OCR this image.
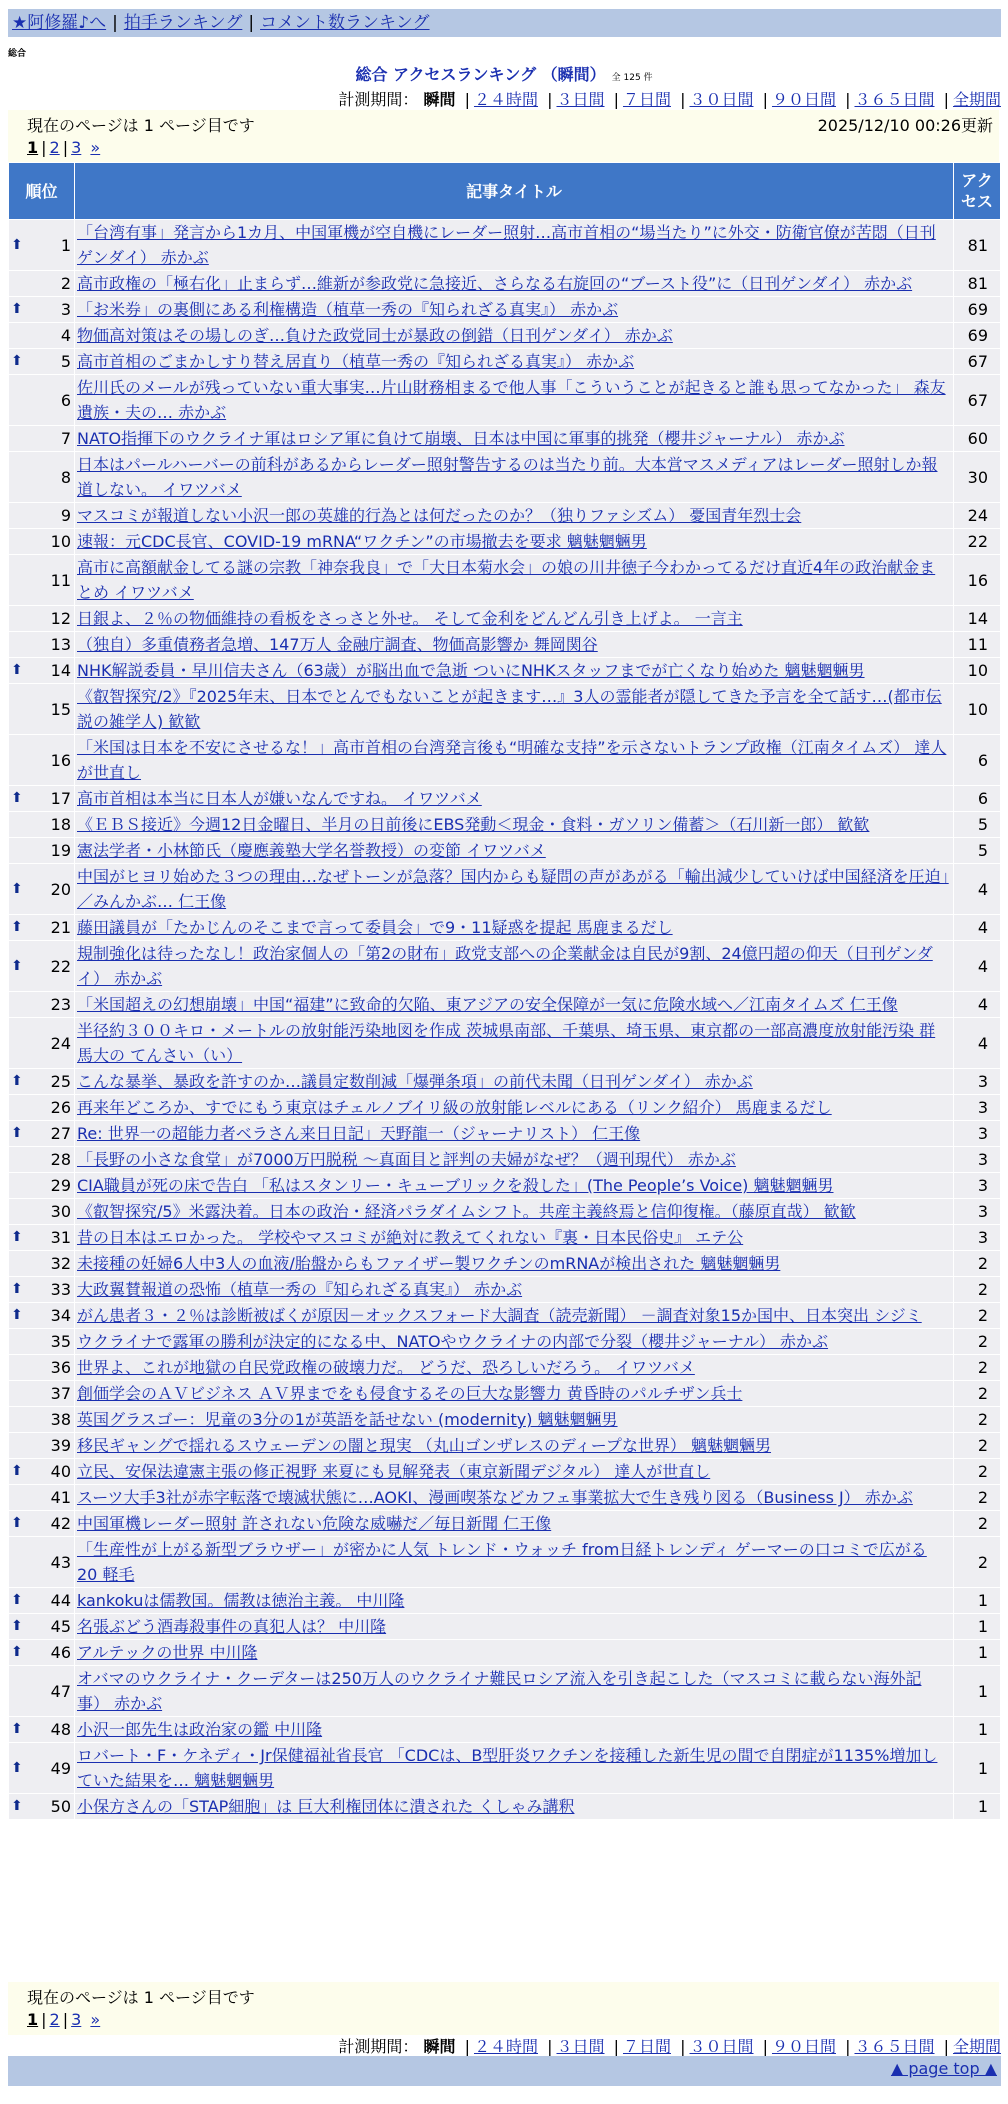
★阿修羅♪へ | 拍手ランキング | コメント数ランキング
総合
総合 アクセスランキング （瞬間） 全 125 件
計測期間： 瞬間 | ２４時間 | ３日間 | ７日間 | ３０日間 | ９０日間 | ３６５日間 | 全期間
現在のページは 1 ページ目です	2025/12/10 00:26更新
1 | 2 | 3 »
順位	記事タイトル	アクセス

⬆ 1	「台湾有事」発言から1カ月、中国軍機が空自機にレーダー照射…高市首相の“場当たり”に外交・防衛官僚が苦悶（日刊ゲンダイ） 赤かぶ	81
2	高市政権の「極右化」止まらず…維新が参政党に急接近、さらなる右旋回の“ブースト役”に（日刊ゲンダイ） 赤かぶ	81

⬆ 3	「お米券」の裏側にある利権構造（植草一秀の『知られざる真実』） 赤かぶ	69
4	物価高対策はその場しのぎ…負けた政党同士が暴政の倒錯（日刊ゲンダイ） 赤かぶ	69

⬆ 5	高市首相のごまかしすり替え居直り（植草一秀の『知られざる真実』） 赤かぶ	67
6	佐川氏のメールが残っていない重大事実…片山財務相まるで他人事「こういうことが起きると誰も思ってなかった」 森友遺族・夫の… 赤かぶ	67
7	NATO指揮下のウクライナ軍はロシア軍に負けて崩壊、日本は中国に軍事的挑発（櫻井ジャーナル） 赤かぶ	60
8	日本はパールハーバーの前科があるからレーダー照射警告するのは当たり前。大本営マスメディアはレーダー照射しか報道しない。 イワツバメ	30
9	マスコミが報道しない小沢一郎の英雄的行為とは何だったのか？（独りファシズム） 憂国青年烈士会	24
10	速報：元CDC長官、COVID-19 mRNA“ワクチン”の市場撤去を要求 魑魅魍魎男	22
11	高市に高額献金してる謎の宗教「神奈我良」で「大日本菊水会」の娘の川井徳子今わかってるだけ直近4年の政治献金まとめ イワツバメ	16
12	日銀よ、２％の物価維持の看板をさっさと外せ。 そして金利をどんどん引き上げよ。 一言主	14
13	（独自）多重債務者急増、147万人 金融庁調査、物価高影響か 舞岡関谷	11

⬆ 14	NHK解説委員・早川信夫さん（63歳）が脳出血で急逝 ついにNHKスタッフまでが亡くなり始めた 魑魅魍魎男	10
15	《叡智探究/2》『2025年末、日本でとんでもないことが起きます…』3人の霊能者が隠してきた予言を全て話す…(都市伝説の雑学人) 歓歓	10
16	「米国は日本を不安にさせるな！」高市首相の台湾発言後も“明確な支持”を示さないトランプ政権（江南タイムズ） 達人が世直し	6

⬆ 17	高市首相は本当に日本人が嫌いなんですね。 イワツバメ	6
18	《ＥＢＳ接近》今週12日金曜日、半月の日前後にEBS発動＜現金・食料・ガソリン備蓄＞（石川新一郎） 歓歓	5
19	憲法学者・小林節氏（慶應義塾大学名誉教授）の変節 イワツバメ	5

⬆ 20	中国がヒヨリ始めた３つの理由…なぜトーンが急落？国内からも疑問の声があがる「輸出減少していけば中国経済を圧迫」／みんかぶ… 仁王像	4

⬆ 21	藤田議員が「たかじんのそこまで言って委員会」で9・11疑惑を提起 馬鹿まるだし	4

⬆ 22	規制強化は待ったなし！政治家個人の「第2の財布」政党支部への企業献金は自民が9割、24億円超の仰天（日刊ゲンダイ） 赤かぶ	4
23	「米国超えの幻想崩壊」中国“福建”に致命的欠陥、東アジアの安全保障が一気に危険水域へ／江南タイムズ 仁王像	4
24	半径約３００キロ・メートルの放射能汚染地図を作成 茨城県南部、千葉県、埼玉県、東京都の一部高濃度放射能汚染 群馬大の てんさい（い）	4

⬆ 25	こんな暴挙、暴政を許すのか…議員定数削減「爆弾条項」の前代未聞（日刊ゲンダイ） 赤かぶ	3
26	再来年どころか、すでにもう東京はチェルノブイリ級の放射能レベルにある（リンク紹介） 馬鹿まるだし	3

⬆ 27	Re: 世界一の超能力者ベラさん来日日記」天野龍一（ジャーナリスト） 仁王像	3
28	「長野の小さな食堂」が7000万円脱税 ～真面目と評判の夫婦がなぜ？（週刊現代） 赤かぶ	3
29	CIA職員が死の床で告白 「私はスタンリー・キューブリックを殺した」(The People’s Voice) 魑魅魍魎男	3
30	《叡智探究/5》米露決着。日本の政治・経済パラダイムシフト。共産主義終焉と信仰復権。（藤原直哉） 歓歓	3

⬆ 31	昔の日本はエロかった。 学校やマスコミが絶対に教えてくれない『裏・日本民俗史』 エテ公	3
32	未接種の妊婦6人中3人の血液/胎盤からもファイザー製ワクチンのmRNAが検出された 魑魅魍魎男	2

⬆ 33	大政翼賛報道の恐怖（植草一秀の『知られざる真実』） 赤かぶ	2

⬆ 34	がん患者３・２％は診断被ばくが原因－オックスフォード大調査（読売新聞） －調査対象15か国中、日本突出 シジミ	2
35	ウクライナで露軍の勝利が決定的になる中、NATOやウクライナの内部で分裂（櫻井ジャーナル） 赤かぶ	2
36	世界よ、これが地獄の自民党政権の破壊力だ。 どうだ、恐ろしいだろう。 イワツバメ	2
37	創価学会のＡＶビジネス ＡＶ界までをも侵食するその巨大な影響力 黄昏時のパルチザン兵士	2
38	英国グラスゴー：児童の3分の1が英語を話せない (modernity) 魑魅魍魎男	2
39	移民ギャングで揺れるスウェーデンの闇と現実 （丸山ゴンザレスのディープな世界） 魑魅魍魎男	2

⬆ 40	立民、安保法違憲主張の修正視野 来夏にも見解発表（東京新聞デジタル） 達人が世直し	2
41	スーツ大手3社が赤字転落で壊滅状態に…AOKI、漫画喫茶などカフェ事業拡大で生き残り図る（Business J） 赤かぶ	2

⬆ 42	中国軍機レーダー照射 許されない危険な威嚇だ／毎日新聞 仁王像	2
43	「生産性が上がる新型ブラウザー」が密かに人気 トレンド・ウォッチ from日経トレンディ ゲーマーの口コミで広がる 20 軽毛	2

⬆ 44	kankokuは儒教国。儒教は徳治主義。 中川隆	1

⬆ 45	名張ぶどう酒毒殺事件の真犯人は？ 中川隆	1

⬆ 46	アルテックの世界 中川隆	1
47	オバマのウクライナ・クーデターは250万人のウクライナ難民ロシア流入を引き起こした（マスコミに載らない海外記事） 赤かぶ	1

⬆ 48	小沢一郎先生は政治家の鑑 中川隆	1

⬆ 49	ロバート・F・ケネディ・Jr保健福祉省長官 「CDCは、B型肝炎ワクチンを接種した新生児の間で自閉症が1135%増加していた結果を… 魑魅魍魎男	1

⬆ 50	小保方さんの「STAP細胞」は 巨大利権団体に潰された くしゃみ講釈	1
現在のページは 1 ページ目です
1 | 2 | 3 »
計測期間： 瞬間 | ２４時間 | ３日間 | ７日間 | ３０日間 | ９０日間 | ３６５日間 | 全期間
▲ page top ▲
